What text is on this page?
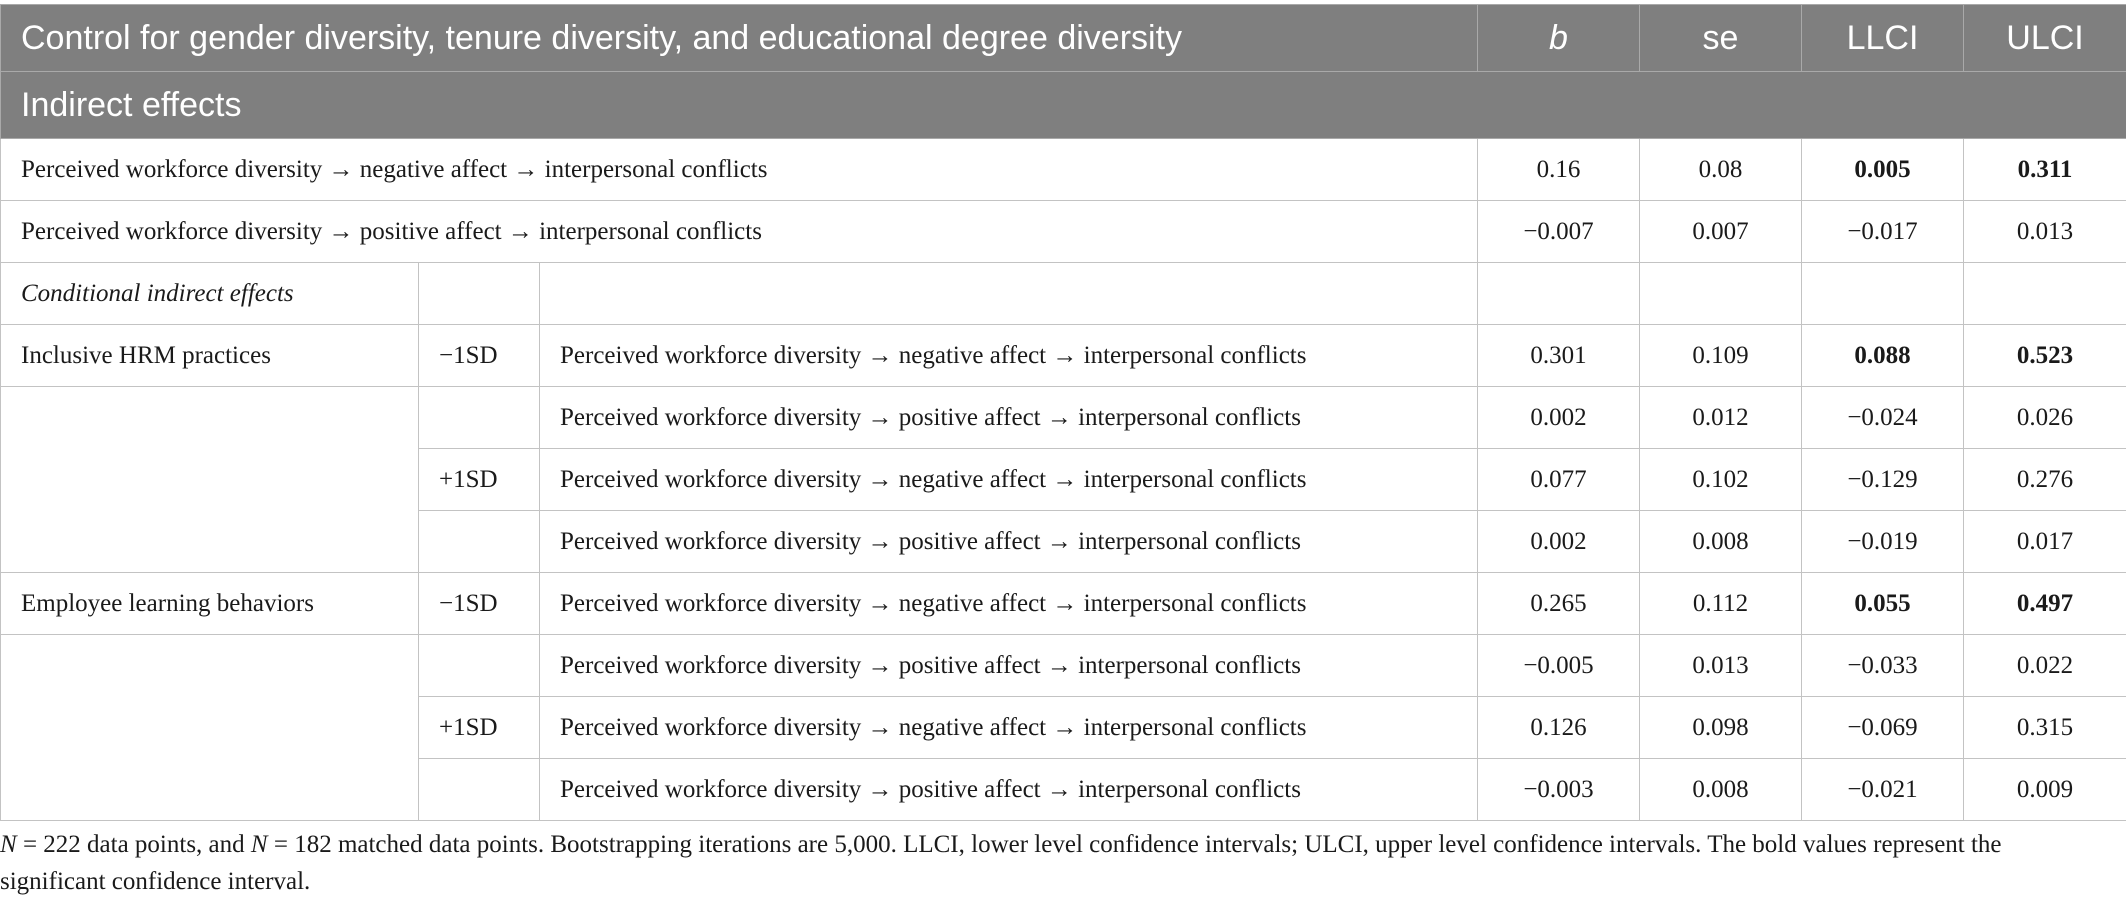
Control for gender diversity, tenure diversity, and educational degree diversity			b	se	LLCI	ULCI
Indirect effects						
Perceived workforce diversity → negative affect → interpersonal conflicts			0.16	0.08	0.005	0.311
Perceived workforce diversity → positive affect → interpersonal conflicts			−0.007	0.007	−0.017	0.013
Conditional indirect effects						
Inclusive HRM practices	−1SD	Perceived workforce diversity → negative affect → interpersonal conflicts	0.301	0.109	0.088	0.523
		Perceived workforce diversity → positive affect → interpersonal conflicts	0.002	0.012	−0.024	0.026
	+1SD	Perceived workforce diversity → negative affect → interpersonal conflicts	0.077	0.102	−0.129	0.276
		Perceived workforce diversity → positive affect → interpersonal conflicts	0.002	0.008	−0.019	0.017
Employee learning behaviors	−1SD	Perceived workforce diversity → negative affect → interpersonal conflicts	0.265	0.112	0.055	0.497
		Perceived workforce diversity → positive affect → interpersonal conflicts	−0.005	0.013	−0.033	0.022
	+1SD	Perceived workforce diversity → negative affect → interpersonal conflicts	0.126	0.098	−0.069	0.315
		Perceived workforce diversity → positive affect → interpersonal conflicts	−0.003	0.008	−0.021	0.009
N = 222 data points, and N = 182 matched data points. Bootstrapping iterations are 5,000. LLCI, lower level confidence intervals; ULCI, upper level confidence intervals. The bold values represent the significant confidence interval.
